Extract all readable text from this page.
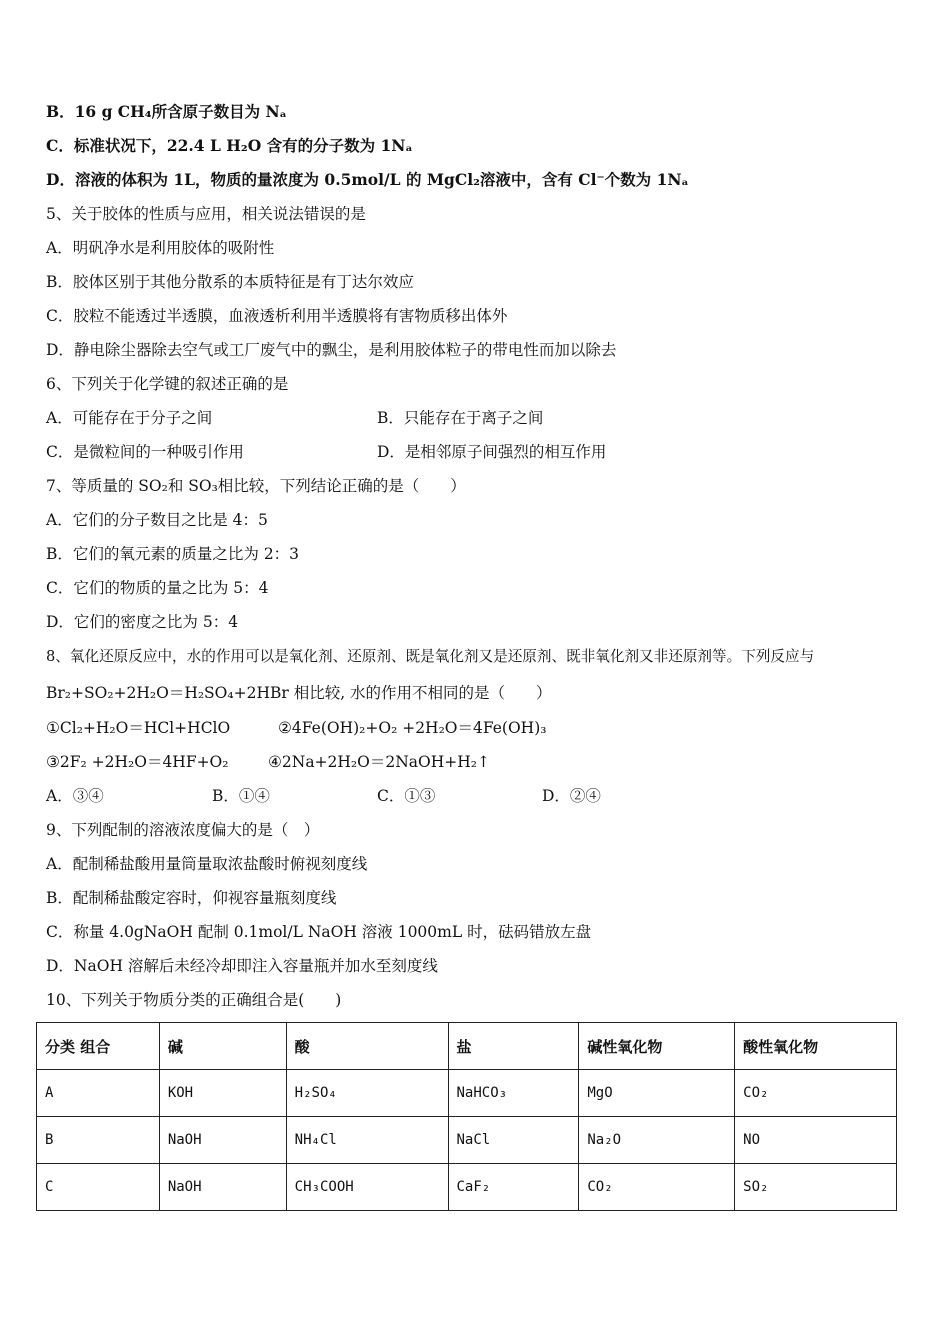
B．16 g CH₄所含原子数目为 Nₐ
C．标准状况下，22.4 L H₂O 含有的分子数为 1Nₐ
D．溶液的体积为 1L，物质的量浓度为 0.5mol/L 的 MgCl₂溶液中，含有 Cl⁻个数为 1Nₐ
5、关于胶体的性质与应用，相关说法错误的是
A．明矾净水是利用胶体的吸附性
B．胶体区别于其他分散系的本质特征是有丁达尔效应
C．胶粒不能透过半透膜，血液透析利用半透膜将有害物质移出体外
D．静电除尘器除去空气或工厂废气中的飘尘，是利用胶体粒子的带电性而加以除去
6、下列关于化学键的叙述正确的是
A．可能存在于分子之间	B．只能存在于离子之间
C．是微粒间的一种吸引作用	D．是相邻原子间强烈的相互作用
7、等质量的 SO₂和 SO₃相比较，下列结论正确的是（　　）
A．它们的分子数目之比是 4：5
B．它们的氧元素的质量之比为 2：3
C．它们的物质的量之比为 5：4
D．它们的密度之比为 5：4
8、氧化还原反应中，水的作用可以是氧化剂、还原剂、既是氧化剂又是还原剂、既非氧化剂又非还原剂等。下列反应与
Br₂+SO₂+2H₂O＝H₂SO₄+2HBr 相比较, 水的作用不相同的是（　　）
①Cl₂+H₂O＝HCl+HClO	②4Fe(OH)₂+O₂ +2H₂O＝4Fe(OH)₃
③2F₂ +2H₂O＝4HF+O₂	④2Na+2H₂O＝2NaOH+H₂↑
A．③④	B．①④	C．①③	D．②④
9、下列配制的溶液浓度偏大的是（　）
A．配制稀盐酸用量筒量取浓盐酸时俯视刻度线
B．配制稀盐酸定容时，仰视容量瓶刻度线
C．称量 4.0gNaOH 配制 0.1mol/L NaOH 溶液 1000mL 时，砝码错放左盘
D．NaOH 溶解后未经冷却即注入容量瓶并加水至刻度线
10、下列关于物质分类的正确组合是(　　)
分类 组合	碱	酸	盐	碱性氧化物	酸性氧化物
A	KOH	H₂SO₄	NaHCO₃	MgO	CO₂
B	NaOH	NH₄Cl	NaCl	Na₂O	NO
C	NaOH	CH₃COOH	CaF₂	CO₂	SO₂
